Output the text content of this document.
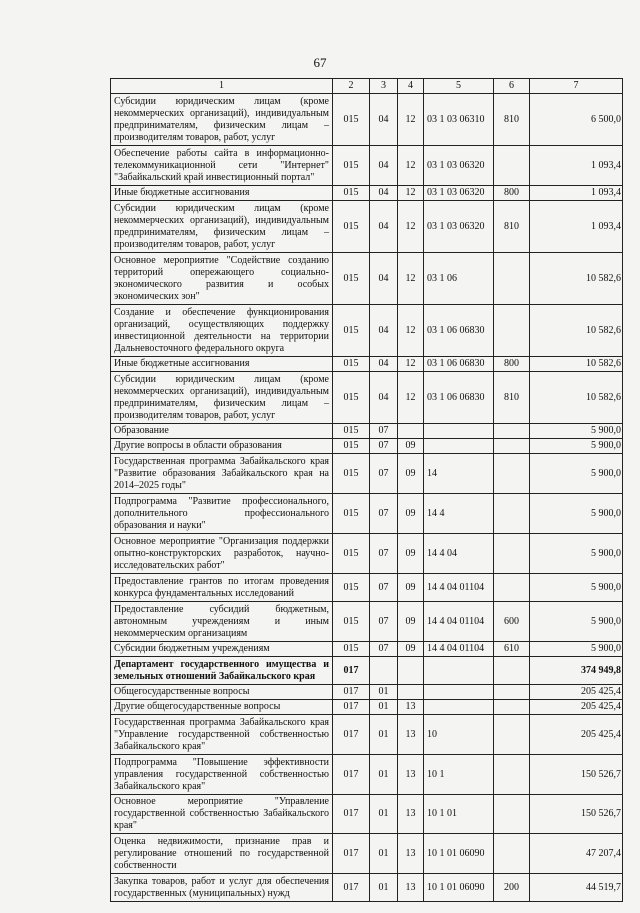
67
1	2	3	4	5	6	7
Субсидии юридическим лицам (кроме некоммерческих организаций), индивидуальным предпринимателям, физическим лицам – производителям товаров, работ, услуг	015	04	12	03 1 03 06310	810	6 500,0
Обеспечение работы сайта в информационно-телекоммуникационной сети "Интернет" "Забайкальский край инвестиционный портал"	015	04	12	03 1 03 06320		1 093,4
Иные бюджетные ассигнования	015	04	12	03 1 03 06320	800	1 093,4
Субсидии юридическим лицам (кроме некоммерческих организаций), индивидуальным предпринимателям, физическим лицам – производителям товаров, работ, услуг	015	04	12	03 1 03 06320	810	1 093,4
Основное мероприятие "Содействие созданию территорий опережающего социально-экономического развития и особых экономических зон"	015	04	12	03 1 06		10 582,6
Создание и обеспечение функционирования организаций, осуществляющих поддержку инвестиционной деятельности на территории Дальневосточного федерального округа	015	04	12	03 1 06 06830		10 582,6
Иные бюджетные ассигнования	015	04	12	03 1 06 06830	800	10 582,6
Субсидии юридическим лицам (кроме некоммерческих организаций), индивидуальным предпринимателям, физическим лицам – производителям товаров, работ, услуг	015	04	12	03 1 06 06830	810	10 582,6
Образование	015	07				5 900,0
Другие вопросы в области образования	015	07	09			5 900,0
Государственная программа Забайкальского края "Развитие образования Забайкальского края на 2014–2025 годы"	015	07	09	14		5 900,0
Подпрограмма "Развитие профессионального, дополнительного профессионального образования и науки"	015	07	09	14 4		5 900,0
Основное мероприятие "Организация поддержки опытно-конструкторских разработок, научно-исследовательских работ"	015	07	09	14 4 04		5 900,0
Предоставление грантов по итогам проведения конкурса фундаментальных исследований	015	07	09	14 4 04 01104		5 900,0
Предоставление субсидий бюджетным, автономным учреждениям и иным некоммерческим организациям	015	07	09	14 4 04 01104	600	5 900,0
Субсидии бюджетным учреждениям	015	07	09	14 4 04 01104	610	5 900,0
Департамент государственного имущества и земельных отношений Забайкальского края	017					374 949,8
Общегосударственные вопросы	017	01				205 425,4
Другие общегосударственные вопросы	017	01	13			205 425,4
Государственная программа Забайкальского края "Управление государственной собственностью Забайкальского края"	017	01	13	10		205 425,4
Подпрограмма "Повышение эффективности управления государственной собственностью Забайкальского края"	017	01	13	10 1		150 526,7
Основное мероприятие "Управление государственной собственностью Забайкальского края"	017	01	13	10 1 01		150 526,7
Оценка недвижимости, признание прав и регулирование отношений по государственной собственности	017	01	13	10 1 01 06090		47 207,4
Закупка товаров, работ и услуг для обеспечения государственных (муниципальных) нужд	017	01	13	10 1 01 06090	200	44 519,7
